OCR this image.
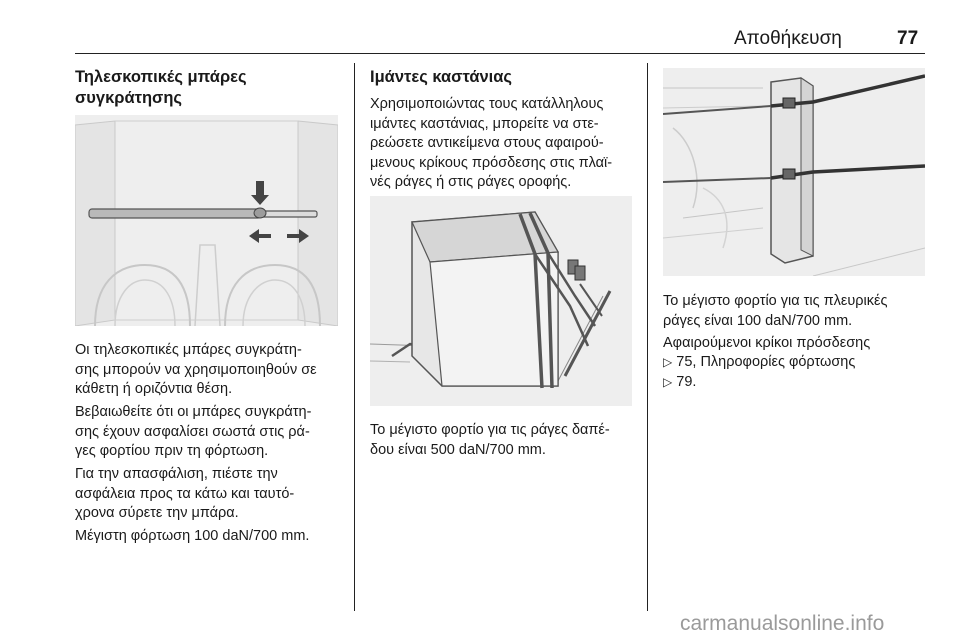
Αποθήκευση	77
Τηλεσκοπικές μπάρες
συγκράτησης

Οι τηλεσκοπικές μπάρες συγκράτη-
σης μπορούν να χρησιμοποιηθούν σε
κάθετη ή οριζόντια θέση.

Βεβαιωθείτε ότι οι μπάρες συγκράτη-
σης έχουν ασφαλίσει σωστά στις ρά-
γες φορτίου πριν τη φόρτωση.

Για την απασφάλιση, πιέστε την
ασφάλεια προς τα κάτω και ταυτό-
χρονα σύρετε την μπάρα.

Μέγιστη φόρτωση 100 daN/700 mm.

Ιμάντες καστάνιας

Χρησιμοποιώντας τους κατάλληλους
ιμάντες καστάνιας, μπορείτε να στε-
ρεώσετε αντικείμενα στους αφαιρού-
μενους κρίκους πρόσδεσης στις πλαϊ-
νές ράγες ή στις ράγες οροφής.

Το μέγιστο φορτίο για τις ράγες δαπέ-
δου είναι 500 daN/700 mm.

Το μέγιστο φορτίο για τις πλευρικές
ράγες είναι 100 daN/700 mm.

Αφαιρούμενοι κρίκοι πρόσδεσης

▷ 75, Πληροφορίες φόρτωσης

▷ 79.

carmanualsonline.info
